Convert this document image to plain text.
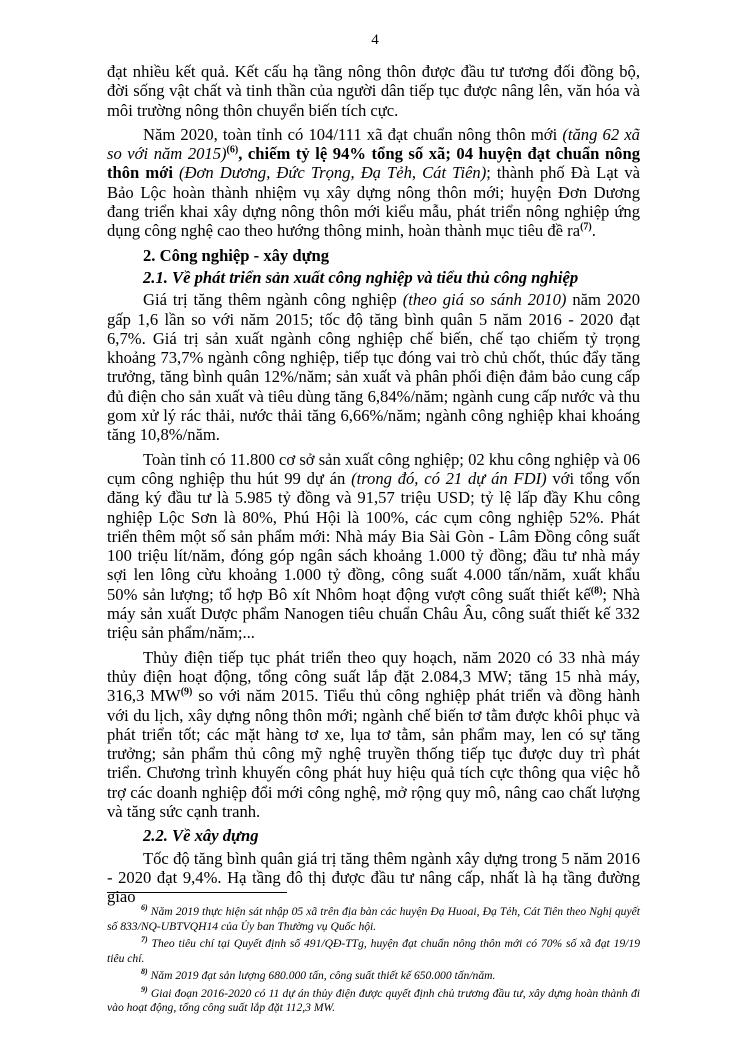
4

đạt nhiều kết quả. Kết cấu hạ tầng nông thôn được đầu tư tương đối đồng bộ, đời sống vật chất và tinh thần của người dân tiếp tục được nâng lên, văn hóa và môi trường nông thôn chuyển biến tích cực.

Năm 2020, toàn tỉnh có 104/111 xã đạt chuẩn nông thôn mới (tăng 62 xã so với năm 2015)$^{(6)}$, chiếm tỷ lệ 94% tổng số xã; 04 huyện đạt chuẩn nông thôn mới (Đơn Dương, Đức Trọng, Đạ Tẻh, Cát Tiên); thành phố Đà Lạt và Bảo Lộc hoàn thành nhiệm vụ xây dựng nông thôn mới; huyện Đơn Dương đang triển khai xây dựng nông thôn mới kiểu mẫu, phát triển nông nghiệp ứng dụng công nghệ cao theo hướng thông minh, hoàn thành mục tiêu đề $ra^{(7)}$.

2. Công nghiệp - xây dựng
2.1. Về phát triển sản xuất công nghiệp và tiểu thủ công nghiệp

Giá trị tăng thêm ngành công nghiệp (theo giá so sánh 2010) năm 2020 gấp 1,6 lần so với năm 2015; tốc độ tăng bình quân 5 năm 2016 - 2020 đạt 6,7%. Giá trị sản xuất ngành công nghiệp chế biến, chế tạo chiếm tỷ trọng khoảng 73,7% ngành công nghiệp, tiếp tục đóng vai trò chủ chốt, thúc đẩy tăng trưởng, tăng bình quân 12%/năm; sản xuất và phân phối điện đảm bảo cung cấp đủ điện cho sản xuất và tiêu dùng tăng 6,84%/năm; ngành cung cấp nước và thu gom xử lý rác thải, nước thải tăng 6,66%/năm; ngành công nghiệp khai khoáng tăng 10,8%/năm.

Toàn tỉnh có 11.800 cơ sở sản xuất công nghiệp; 02 khu công nghiệp và 06 cụm công nghiệp thu hút 99 dự án (trong đó, có 21 dự án FDI) với tổng vốn đăng ký đầu tư là 5.985 tỷ đồng và 91,57 triệu USD; tỷ lệ lấp đầy Khu công nghiệp Lộc Sơn là 80%, Phú Hội là 100%, các cụm công nghiệp 52%. Phát triển thêm một số sản phẩm mới: Nhà máy Bia Sài Gòn - Lâm Đồng công suất 100 triệu lít/năm, đóng góp ngân sách khoảng 1.000 tỷ đồng; đầu tư nhà máy sợi len lông cừu khoảng 1.000 tỷ đồng, công suất 4.000 tấn/năm, xuất khẩu 50% sản lượng; tổ hợp Bô xít Nhôm hoạt động vượt công suất thiết kế$^{(8)}$; Nhà máy sản xuất Dược phẩm Nanogen tiêu chuẩn Châu Âu, công suất thiết kế 332 triệu sản phẩm/năm;...

Thủy điện tiếp tục phát triển theo quy hoạch, năm 2020 có 33 nhà máy thủy điện hoạt động, tổng công suất lắp đặt 2.084,3 MW; tăng 15 nhà máy, 316,3 MW$^{(9)}$ so với năm 2015. Tiểu thủ công nghiệp phát triển và đồng hành với du lịch, xây dựng nông thôn mới; ngành chế biến tơ tằm được khôi phục và phát triển tốt; các mặt hàng tơ xe, lụa tơ tằm, sản phẩm may, len có sự tăng trưởng; sản phẩm thủ công mỹ nghệ truyền thống tiếp tục được duy trì phát triển. Chương trình khuyến công phát huy hiệu quả tích cực thông qua việc hỗ trợ các doanh nghiệp đổi mới công nghệ, mở rộng quy mô, nâng cao chất lượng và tăng sức cạnh tranh.

2.2. Về xây dựng

Tốc độ tăng bình quân giá trị tăng thêm ngành xây dựng trong 5 năm 2016 - 2020 đạt 9,4%. Hạ tầng đô thị được đầu tư nâng cấp, nhất là hạ tầng đường giao

$^{6)}$ Năm 2019 thực hiện sát nhập 05 xã trên địa bàn các huyện Đạ Huoai, Đạ Tẻh, Cát Tiên theo Nghị quyết số 833/NQ-UBTVQH14 của Ủy ban Thường vụ Quốc hội.
$^{7)}$ Theo tiêu chí tại Quyết định số 491/QĐ-TTg, huyện đạt chuẩn nông thôn mới có 70% số xã đạt 19/19 tiêu chí.
$^{8)}$ Năm 2019 đạt sản lượng 680.000 tấn, công suất thiết kế 650.000 tấn/năm.
$^{9)}$ Giai đoạn 2016-2020 có 11 dự án thủy điện được quyết định chủ trương đầu tư, xây dựng hoàn thành đi vào hoạt động, tổng công suất lắp đặt 112,3 MW.
